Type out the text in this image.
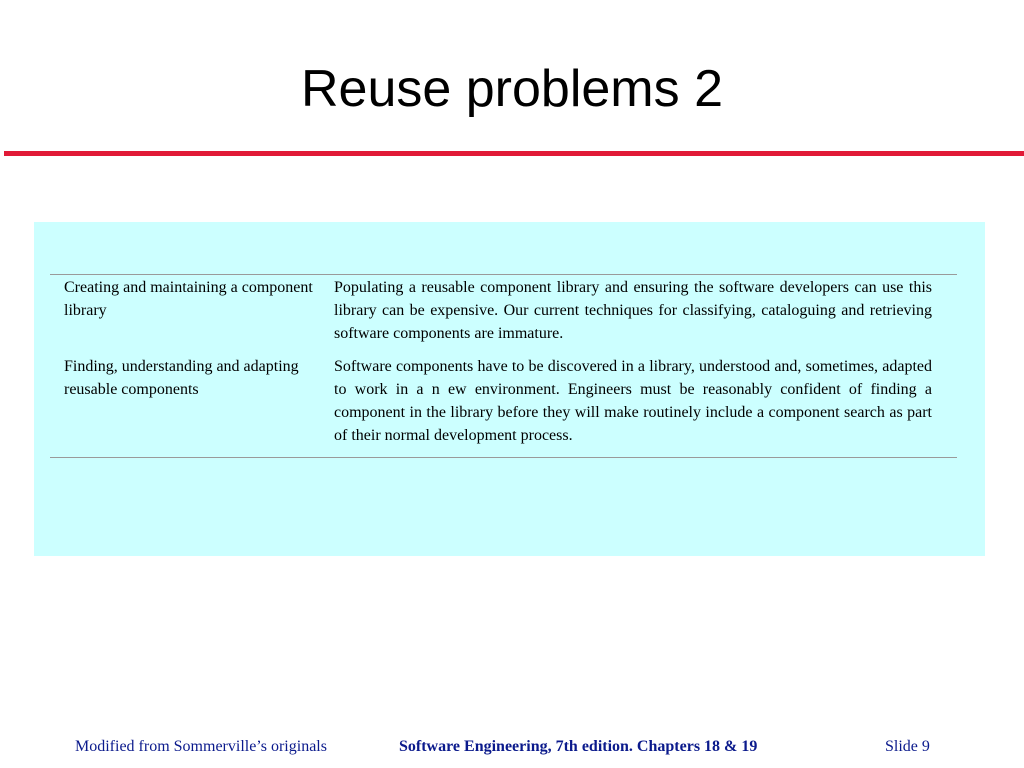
Reuse problems 2
Creating and maintaining a component library
Populating a reusable component library and ensuring the software developers can use this library can be expensive. Our current techniques for classifying, cataloguing and retrieving software components are immature.
Finding, understanding and adapting reusable components
Software components have to be discovered in a library, understood and, sometimes, adapted to work in a n ew environment. Engineers must be reasonably confident of finding a component in the library before they will make routinely include a component search as part of their normal development process.
Modified from Sommerville’s originals	Software Engineering, 7th edition. Chapters 18 & 19	Slide 9
